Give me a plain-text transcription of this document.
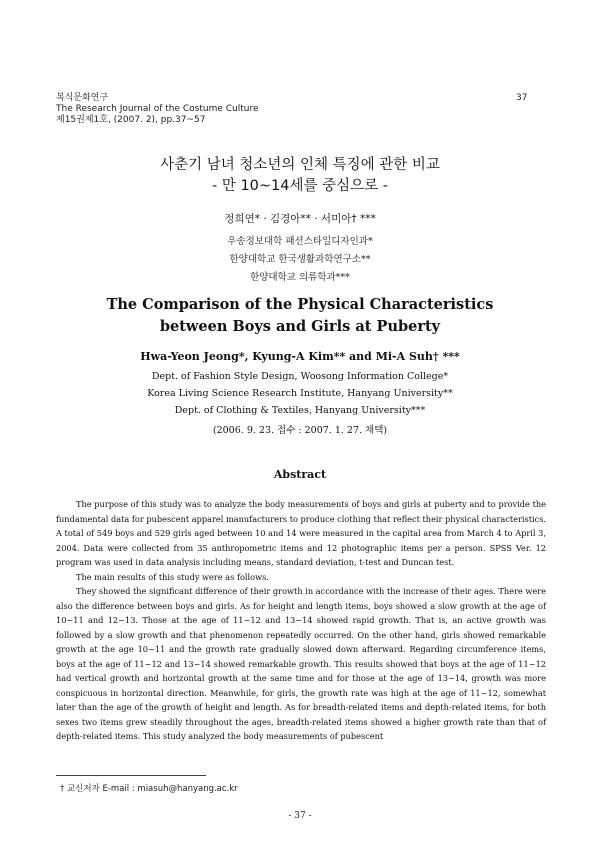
복식문화연구
The Research Journal of the Costume Culture
제15권제1호, (2007. 2), pp.37~57
37
사춘기 남녀 청소년의 인체 특징에 관한 비교
- 만 10~14세를 중심으로 -
정희연* · 김경아** · 서미아† ***
우송정보대학 패션스타일디자인과*
한양대학교 한국생활과학연구소**
한양대학교 의류학과***
The Comparison of the Physical Characteristics
between Boys and Girls at Puberty
Hwa-Yeon Jeong*, Kyung-A Kim** and Mi-A Suh† ***
Dept. of Fashion Style Design, Woosong Information College*
Korea Living Science Research Institute, Hanyang University**
Dept. of Clothing & Textiles, Hanyang University***
(2006. 9. 23. 접수 : 2007. 1. 27. 채택)
Abstract

The purpose of this study was to analyze the body measurements of boys and girls at puberty and to provide the fundamental data for pubescent apparel manufacturers to produce clothing that reflect their physical characteristics. A total of 549 boys and 529 girls aged between 10 and 14 were measured in the capital area from March 4 to April 3, 2004. Data were collected from 35 anthropometric items and 12 photographic items per a person. SPSS Ver. 12 program was used in data analysis including means, standard deviation, t-test and Duncan test.

The main results of this study were as follows.

They showed the significant difference of their growth in accordance with the increase of their ages. There were also the difference between boys and girls. As for height and length items, boys showed a slow growth at the age of 10~11 and 12~13. Those at the age of 11~12 and 13~14 showed rapid growth. That is, an active growth was followed by a slow growth and that phenomenon repeatedly occurred. On the other hand, girls showed remarkable growth at the age 10~11 and the growth rate gradually slowed down afterward. Regarding circumference items, boys at the age of 11~12 and 13~14 showed remarkable growth. This results showed that boys at the age of 11~12 had vertical growth and horizontal growth at the same time and for those at the age of 13~14, growth was more conspicuous in horizontal direction. Meanwhile, for girls, the growth rate was high at the age of 11~12, somewhat later than the age of the growth of height and length. As for breadth-related items and depth-related items, for both sexes two items grew steadily throughout the ages, breadth-related items showed a higher growth rate than that of depth-related items. This study analyzed the body measurements of pubescent

† 교신저자 E-mail : miasuh@hanyang.ac.kr
- 37 -
